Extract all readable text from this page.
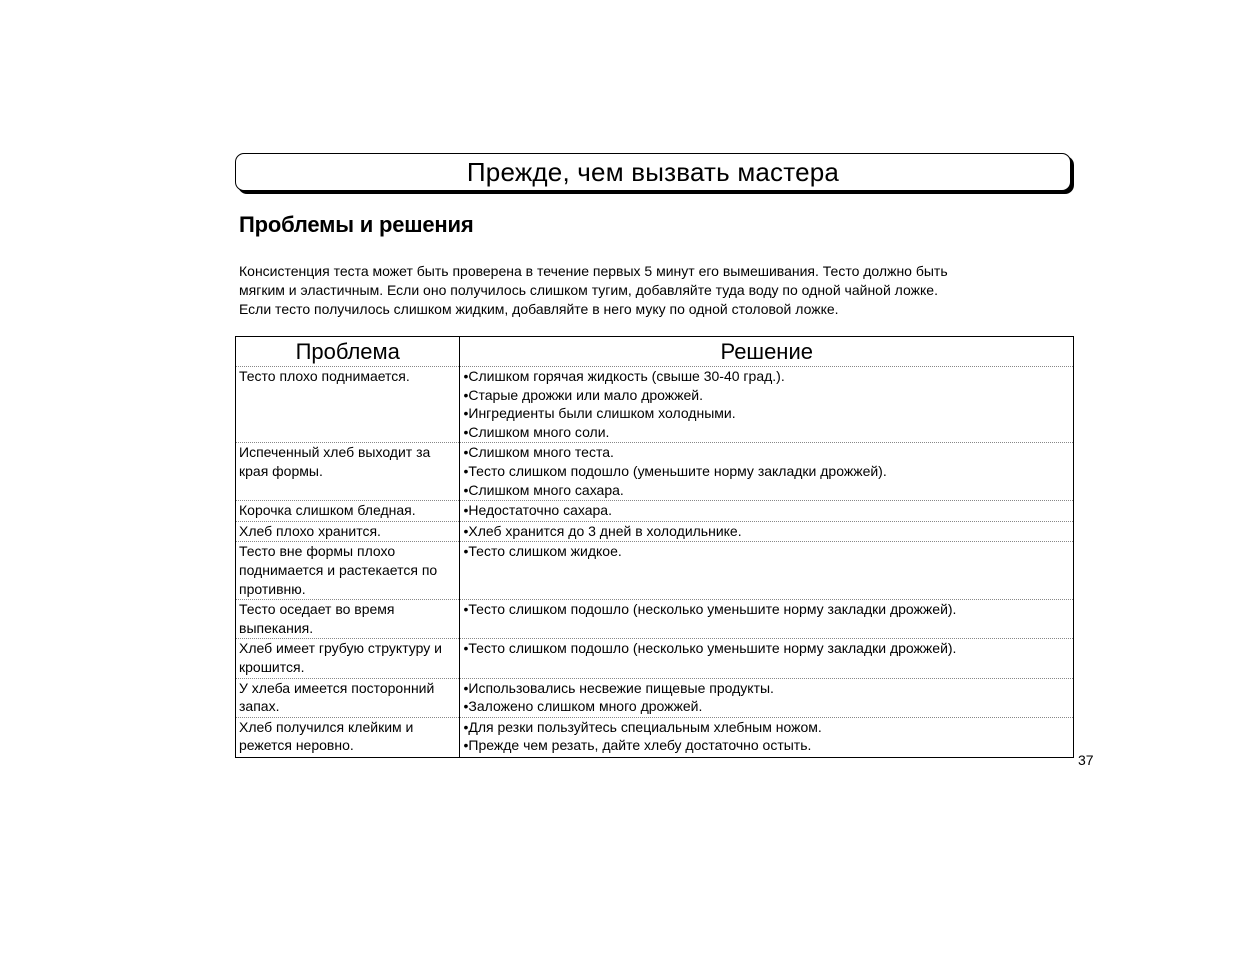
Прежде, чем вызвать мастера
Проблемы и решения
Консистенция теста может быть проверена в течение первых 5 минут его вымешивания. Тесто должно быть
мягким и эластичным. Если оно получилось слишком тугим, добавляйте туда воду по одной чайной ложке.
Если тесто получилось слишком жидким, добавляйте в него муку по одной столовой ложке.
Проблема	Решение
Тесто плохо поднимается.	•Слишком горячая жидкость (свыше 30-40 град.).
•Старые дрожжи или мало дрожжей.
•Ингредиенты были слишком холодными.
•Слишком много соли.

Испеченный хлеб выходит за края формы.	•Слишком много теста.
•Тесто слишком подошло (уменьшите норму закладки дрожжей).
•Слишком много сахара.

Корочка слишком бледная.	•Недостаточно сахара.

Хлеб плохо хранится.	•Хлеб хранится до 3 дней в холодильнике.

Тесто вне формы плохо поднимается и растекается по противню.	•Тесто слишком жидкое.

Тесто оседает во время выпекания.	•Тесто слишком подошло (несколько уменьшите норму закладки дрожжей).

Хлеб имеет грубую структуру и крошится.	•Тесто слишком подошло (несколько уменьшите норму закладки дрожжей).

У хлеба имеется посторонний запах.	•Использовались несвежие пищевые продукты.
•Заложено слишком много дрожжей.

Хлеб получился клейким и режется неровно.	•Для резки пользуйтесь специальным хлебным ножом.
•Прежде чем резать, дайте хлебу достаточно остыть.
37
